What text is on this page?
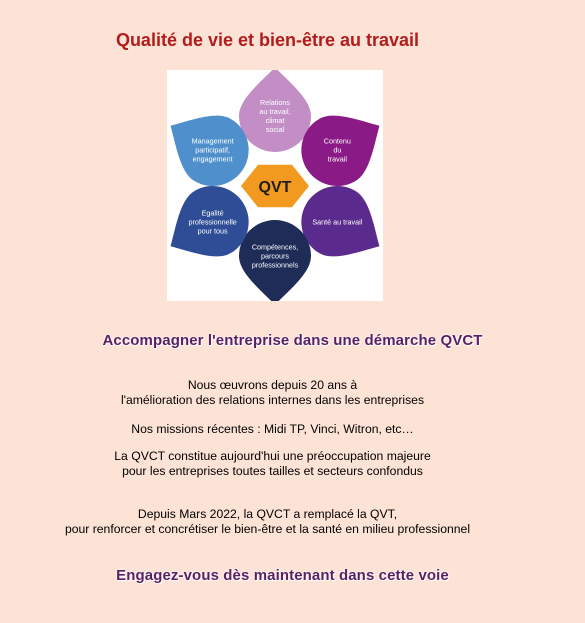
Qualité de vie et bien-être au travail
Relations au travail, climat social
Contenu du travail
Santé au travail
Compétences, parcours professionnels
Egalité professionnelle pour tous
Management participatif, engagement
QVT
Accompagner l'entreprise dans une démarche QVCT
Nous œuvrons depuis 20 ans à
l'amélioration des relations internes dans les entreprises
Nos missions récentes : Midi TP, Vinci, Witron, etc…
La QVCT constitue aujourd'hui une préoccupation majeure
pour les entreprises toutes tailles et secteurs confondus
Depuis Mars 2022, la QVCT a remplacé la QVT,
pour renforcer et concrétiser le bien-être et la santé en milieu professionnel
Engagez-vous dès maintenant dans cette voie
